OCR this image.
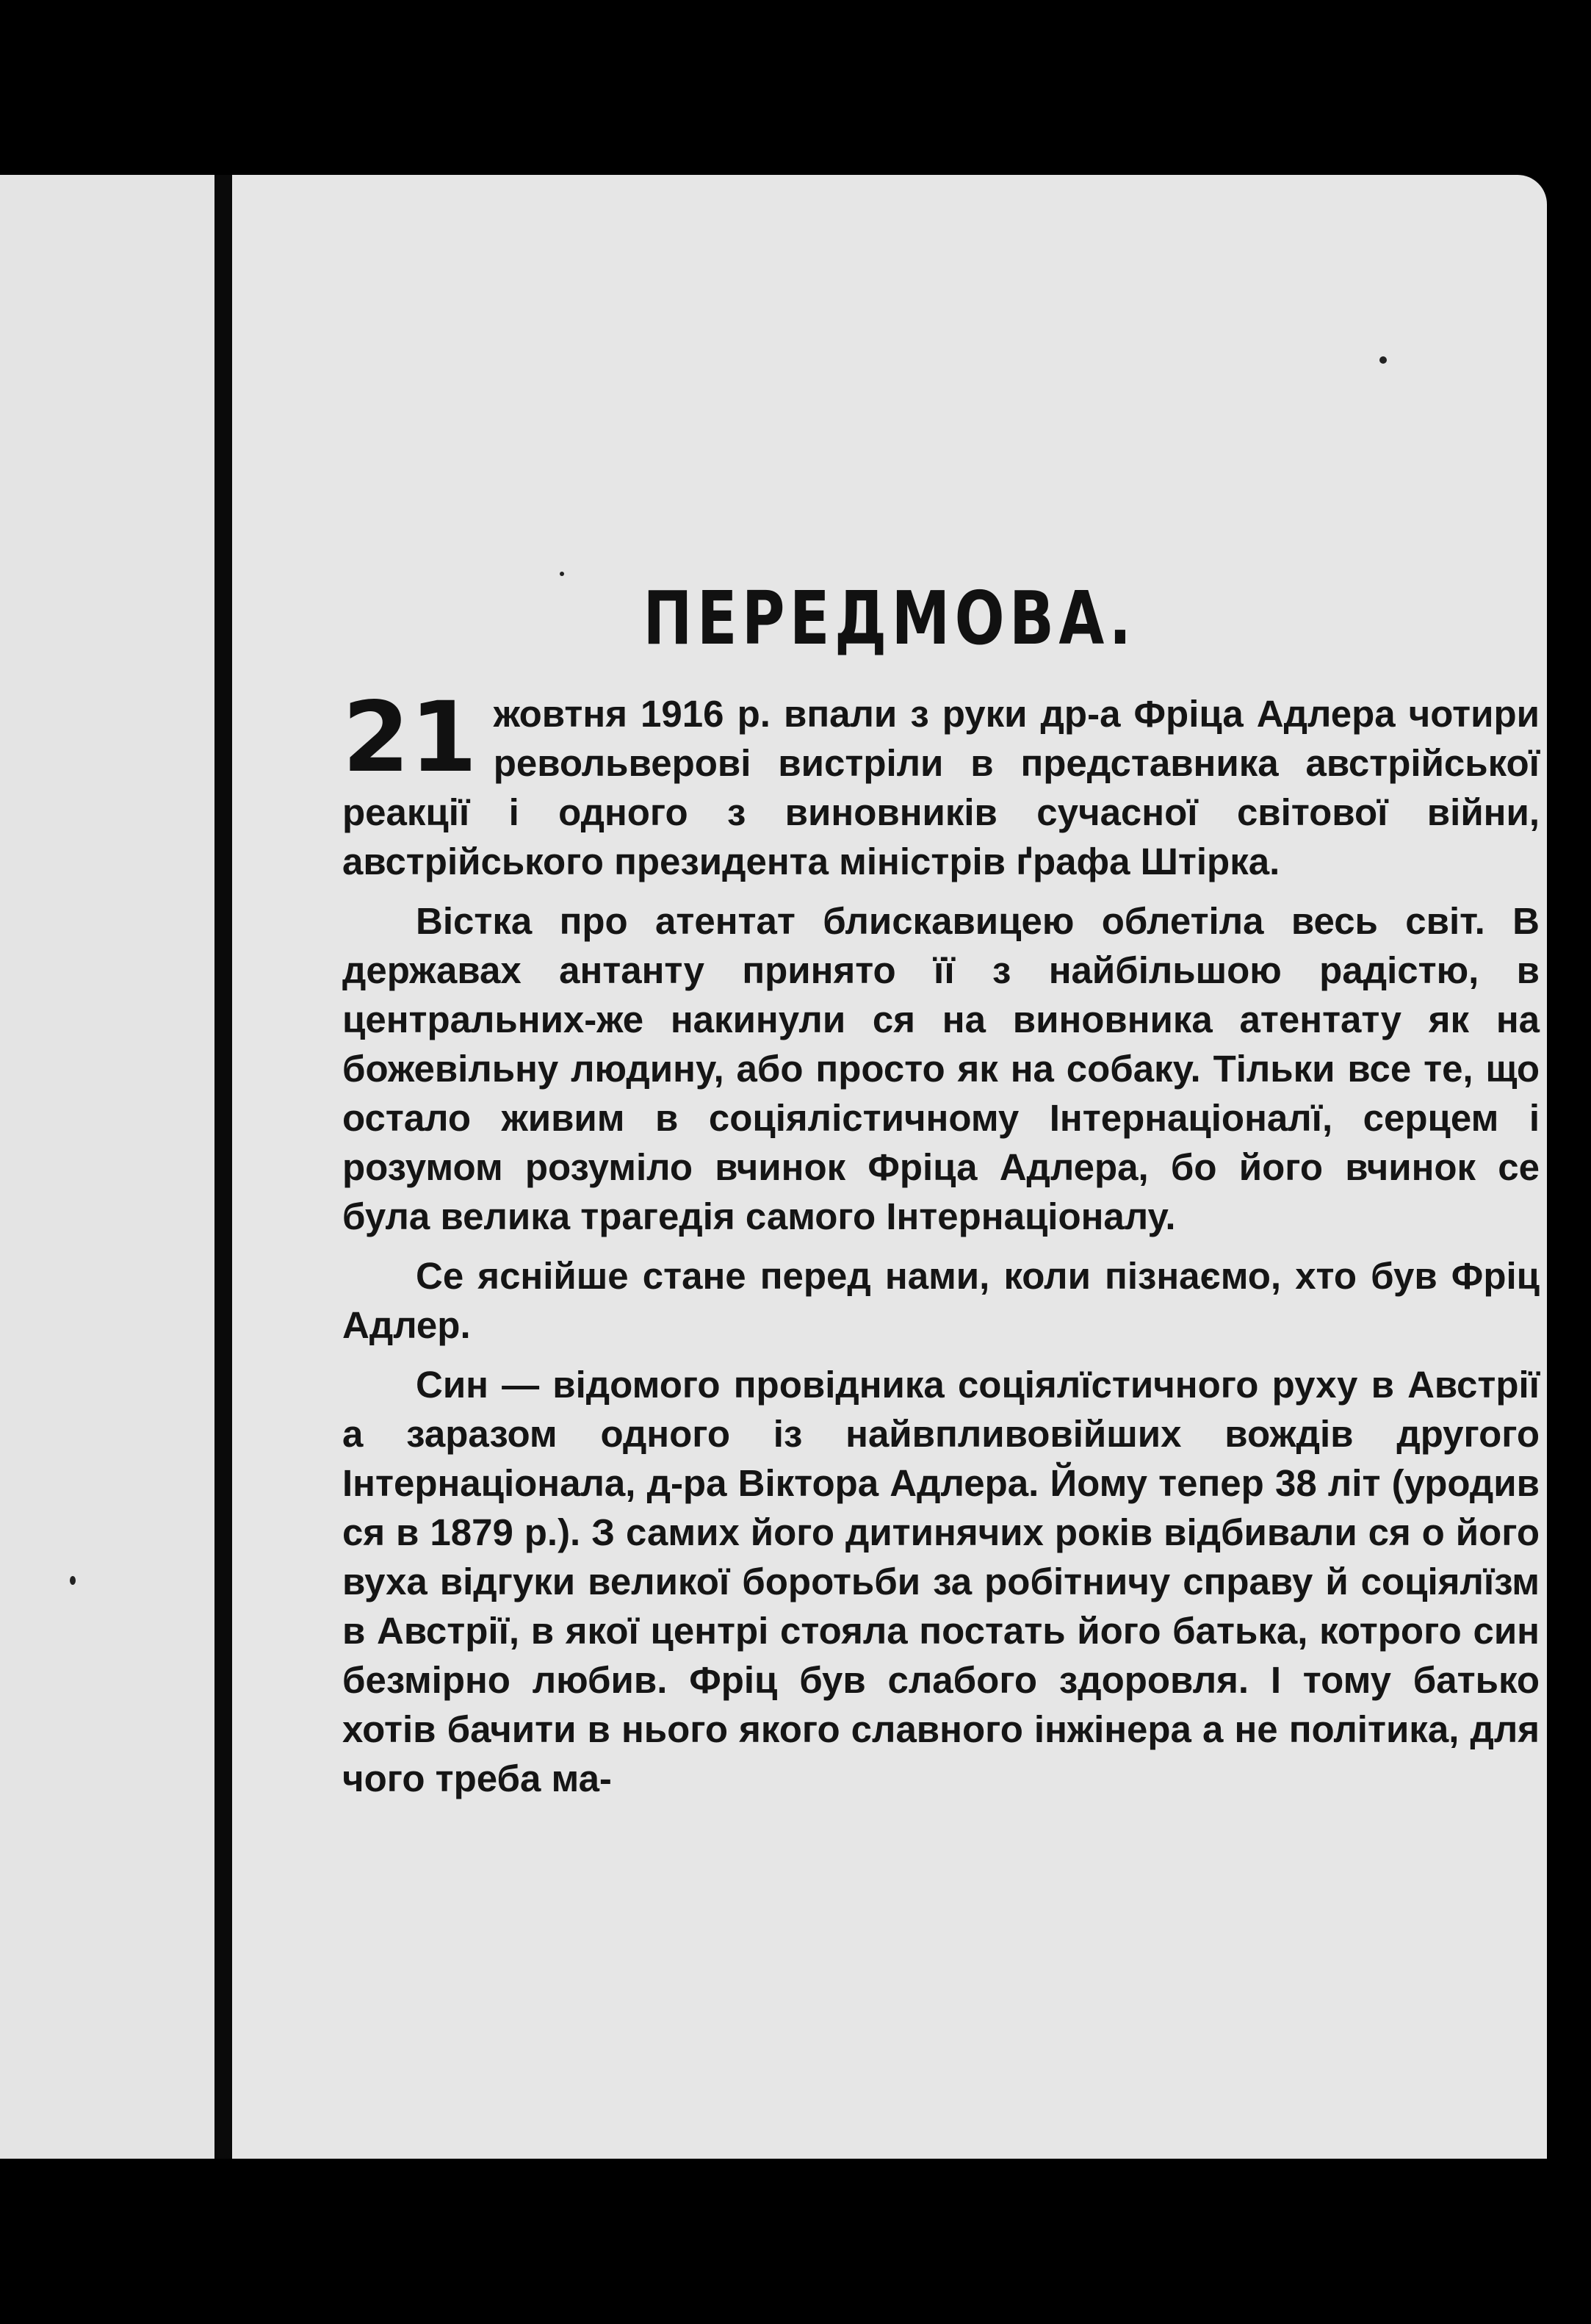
ПЕРЕДМОВА.

21 жовтня 1916 р. впали з руки др-а Фріца Адлера чотири револьверові вистріли в представника австрійської реакції і одного з виновників сучасної світової війни, австрійського президента міністрів ґрафа Штірка.

Вістка про атентат блискавицею облетіла весь світ. В державах антанту принято її з найбільшою радістю, в центральних-же накинули ся на виновника атентату як на божевільну людину, або просто як на собаку. Тільки все те, що остало живим в соціялістичному Інтернаціоналї, серцем і розумом розуміло вчинок Фріца Адлера, бо його вчинок се була велика трагедія самого Інтернаціоналу.

Се яснійше стане перед нами, коли пізнаємо, хто був Фріц Адлер.

Син — відомого провідника соціялїстичного руху в Австрії а заразом одного із найвпливовійших вождів другого Інтернаціонала, д-ра Віктора Адлера. Йому тепер 38 літ (уродив ся в 1879 р.). З самих його дитинячих років відбивали ся о його вуха відгуки великої боротьби за робітничу справу й соціялїзм в Австрії, в якої центрі стояла постать його батька, котрого син безмірно любив. Фріц був слабого здоровля. І тому батько хотів бачити в нього якого славного інжінера а не політика, для чого треба ма-
